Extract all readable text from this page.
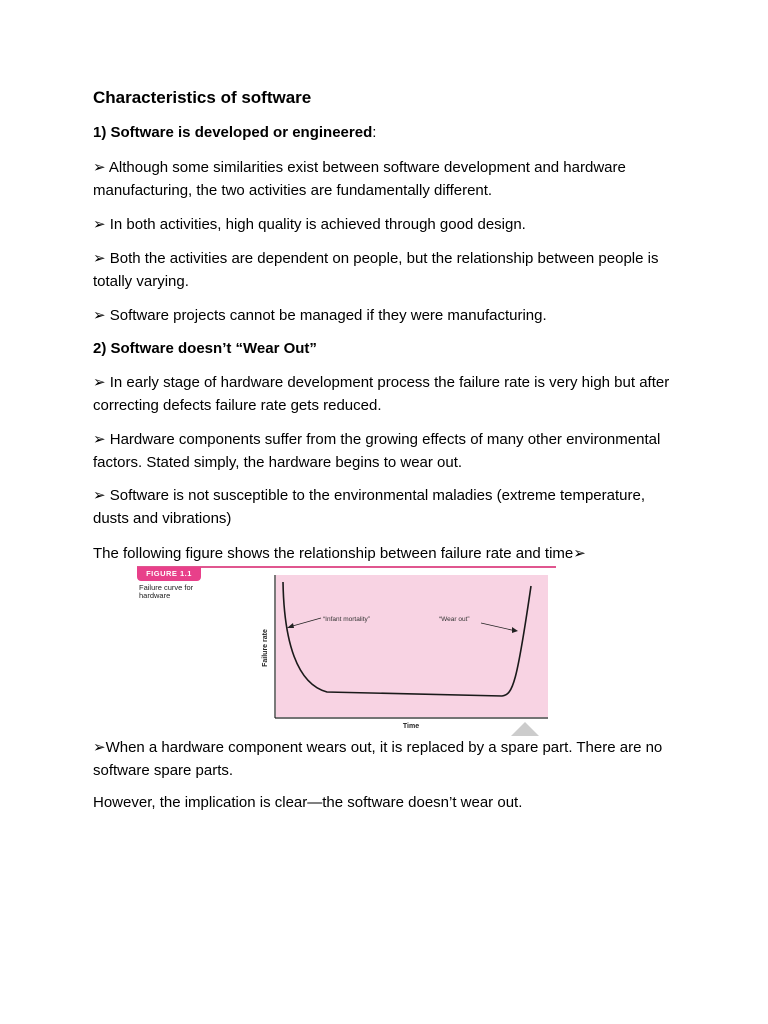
Characteristics of software
1) Software is developed or engineered:
➢ Although some similarities exist between software development and hardware manufacturing, the two activities are fundamentally different.
➢ In both activities, high quality is achieved through good design.
➢ Both the activities are dependent on people, but the relationship between people is totally varying.
➢ Software projects cannot be managed if they were manufacturing.
2) Software doesn’t “Wear Out”
➢ In early stage of hardware development process the failure rate is very high but after correcting defects failure rate gets reduced.
➢ Hardware components suffer from the growing effects of many other environmental factors. Stated simply, the hardware begins to wear out.
➢ Software is not susceptible to the environmental maladies (extreme temperature, dusts and vibrations)
The following figure shows the relationship between failure rate and time➢
FIGURE 1.1
Failure curve for hardware
“Infant mortality”	“Wear out”
Failure rate
Time
➢When a hardware component wears out, it is replaced by a spare part. There are no software spare parts.
However, the implication is clear—the software doesn’t wear out.
